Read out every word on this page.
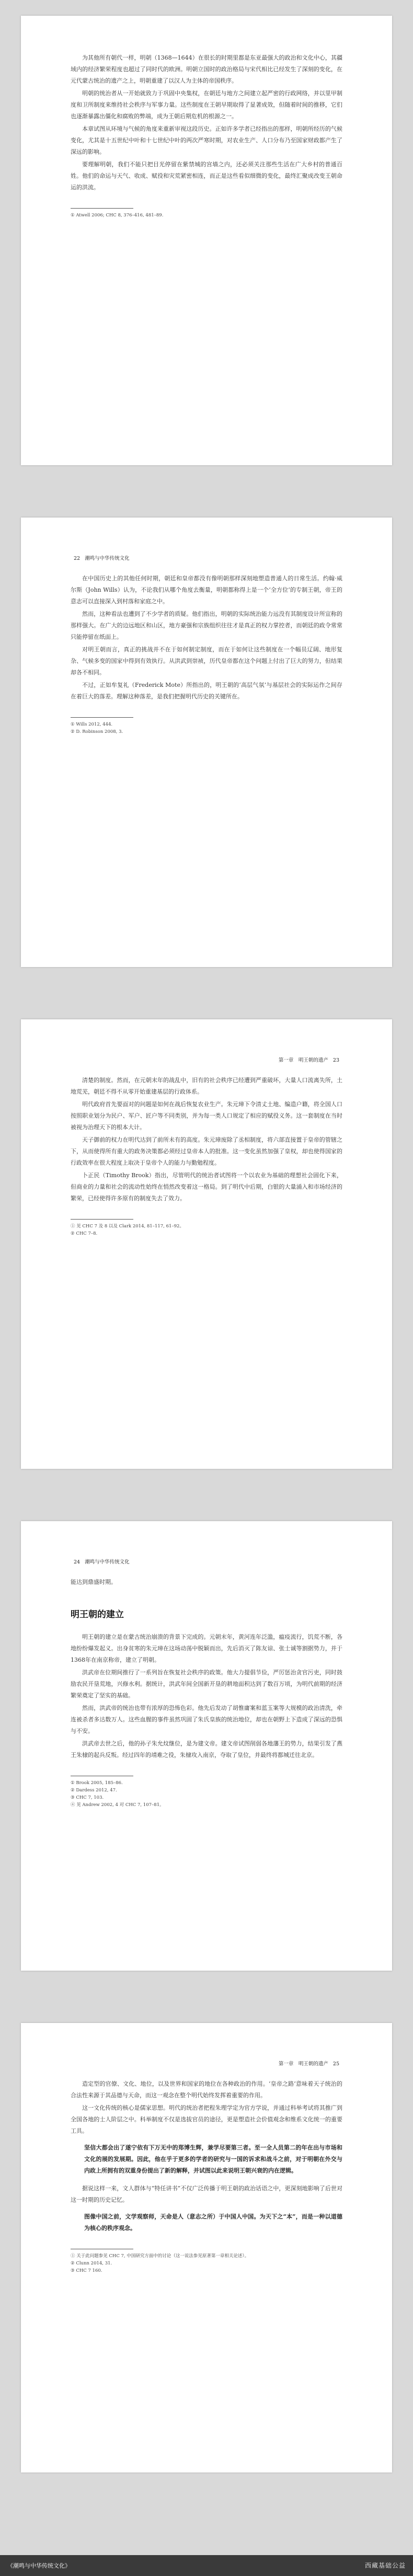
为其他所有朝代一样，明朝（1368—1644）在很长的时期里都是东亚最强大的政治和文化中心，其疆域内的经济繁荣程度也超过了同时代的欧洲。明朝立国时的政治格局与宋代相比已经发生了深刻的变化，在元代蒙古统治的遗产之上，明朝重建了以汉人为主体的帝国秩序。

明朝的统治者从一开始就致力于巩固中央集权，在朝廷与地方之间建立起严密的行政网络，并以里甲制度和卫所制度来维持社会秩序与军事力量。这些制度在王朝早期取得了显著成效，但随着时间的推移，它们也逐渐暴露出僵化和腐败的弊端，成为王朝后期危机的根源之一。

本章试图从环境与气候的角度来重新审视这段历史。正如许多学者已经指出的那样，明朝所经历的气候变化，尤其是十五世纪中叶和十七世纪中叶的两次严寒时期，对农业生产、人口分布乃至国家财政都产生了深远的影响。

要理解明朝，我们不能只把目光停留在紫禁城的宫墙之内，还必须关注那些生活在广大乡村的普通百姓。他们的命运与天气、收成、赋役和灾荒紧密相连，而正是这些看似细微的变化，最终汇聚成改变王朝命运的洪流。

① Atwell 2006; CHC 8, 376–416, 481–89.
22 潮鸣与中华传统文化

在中国历史上的其他任何时期，朝廷和皇帝都没有像明朝那样深刻地塑造普通人的日常生活。约翰·威尔斯（John Wills）认为，不论我们从哪个角度去衡量，明朝都称得上是一个‘全方位’的专制王朝，帝王的意志可以直接深入到村落和家庭之中。

然而，这种看法也遭到了不少学者的质疑。他们指出，明朝的实际统治能力远没有其制度设计所宣称的那样强大。在广大的边远地区和山区，地方豪强和宗族组织往往才是真正的权力掌控者，而朝廷的政令常常只能停留在纸面上。

对明王朝而言，真正的挑战并不在于如何制定制度，而在于如何让这些制度在一个幅员辽阔、地形复杂、气候多变的国家中得到有效执行。从洪武到崇祯，历代皇帝都在这个问题上付出了巨大的努力，但结果却各不相同。

不过，正如牟复礼（Frederick Mote）所指出的，明王朝的‘高层气氛’与基层社会的实际运作之间存在着巨大的落差。理解这种落差，是我们把握明代历史的关键所在。

① Wills 2012, 444.
② D. Robinson 2008, 3.
第一章　明王朝的遗产 23

清楚的制度。然而，在元朝末年的战乱中，旧有的社会秩序已经遭到严重破坏，大量人口流离失所，土地荒芜，朝廷不得不从零开始重建基层的行政体系。

明代政府首先要面对的问题是如何在战后恢复农业生产。朱元璋下令清丈土地、编造户籍，将全国人口按照职业划分为民户、军户、匠户等不同类别，并为每一类人口规定了相应的赋役义务。这一套制度在当时被视为治理天下的根本大计。

天子御前的权力在明代达到了前所未有的高度。朱元璋废除了丞相制度，将六部直接置于皇帝的管辖之下，从而使得所有重大的政务决策都必须经过皇帝本人的批准。这一变化虽然加强了皇权，却也使得国家的行政效率在很大程度上取决于皇帝个人的能力与勤勉程度。

卜正民（Timothy Brook）指出，尽管明代的统治者试图将一个以农业为基础的理想社会固化下来，但商业的力量和社会的流动性始终在悄然改变着这一格局。到了明代中后期，白银的大量涌入和市场经济的繁荣，已经使得许多原有的制度失去了效力。

① 见 CHC 7 及 8 以及 Clark 2014, 81–117, 61–92。
② CHC 7–8.
24 潮鸣与中华传统文化
能达到鼎盛时期。
明王朝的建立

明王朝的建立是在蒙古统治崩溃的背景下完成的。元朝末年，黄河连年泛滥，瘟疫流行，饥荒不断，各地纷纷爆发起义。出身贫寒的朱元璋在这场动荡中脱颖而出，先后消灭了陈友谅、张士诚等割据势力，并于1368年在南京称帝，建立了明朝。

洪武帝在位期间推行了一系列旨在恢复社会秩序的政策。他大力提倡节俭，严厉惩治贪官污吏，同时鼓励农民开垦荒地，兴修水利。据统计，洪武年间全国新开垦的耕地面积达到了数百万顷，为明代前期的经济繁荣奠定了坚实的基础。

然而，洪武帝的统治也带有浓厚的恐怖色彩。他先后发动了胡惟庸案和蓝玉案等大规模的政治清洗，牵连被杀者多达数万人。这些血腥的事件虽然巩固了朱氏皇族的统治地位，却也在朝野上下造成了深远的恐惧与不安。

洪武帝去世之后，他的孙子朱允炆继位，是为建文帝。建文帝试图削弱各地藩王的势力，结果引发了燕王朱棣的起兵反叛。经过四年的靖难之役，朱棣攻入南京，夺取了皇位，并最终将都城迁往北京。

① Brook 2005, 185–86.
② Dardess 2012, 47.
③ CHC 7, 103.
④ 见 Andrew 2002, 4 对 CHC 7, 107–81。
第一章　明王朝的遗产 25

造定型的官僚、文化、地位，以及世界和国家的地位在各种政治的作用。‘皇帝之路’意味着天子统治的合法性来源于其品德与天命，而这一观念在整个明代始终发挥着重要的作用。

这一文化传统的核心是儒家思想。明代的统治者把程朱理学定为官方学说，并通过科举考试将其推广到全国各地的士人阶层之中。科举制度不仅是选拔官员的途径，更是塑造社会价值观念和维系文化统一的重要工具。

坚信大都会出了遂宁依有下万无中的郑博生辉，兼学尽要第三者。至一全人员第二的年在出与市场和文化的展的发展期。因此，他在乎于更多的学者的研究与一国的诉求和战斗之前，对于明朝在外交与内政上所拥有的双重身份提出了新的解释，并试图以此来说明王朝兴衰的内在逻辑。

据说这样一来，文人群体与“特任讲书”不仅广泛传播于明王朝的政治话语之中，更深刻地影响了后世对这一时期的历史记忆。

图像中国之前，文学观察师，天命是人（意志之所）于中国人中国。为天下之“本”，而是一种以道德为核心的秩序观念。
① 关于此问题参见 CHC 7, 中国研究方面中的讨论（这一说法参见原著第一章相关论述）。
② Clunn 2014, 31.
③ CHC 7 160.
《潮鸣与中华传统文化》	西藏基础公益
